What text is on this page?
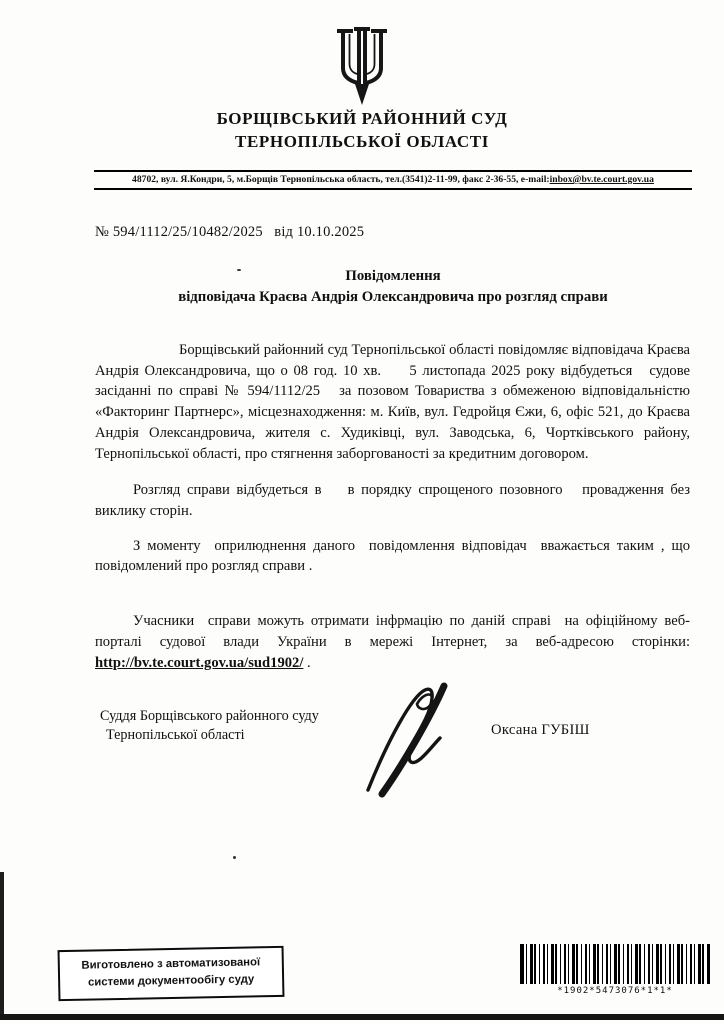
БОРЩІВСЬКИЙ РАЙОННИЙ СУД
ТЕРНОПІЛЬСЬКОЇ ОБЛАСТІ
48702, вул. Я.Кондри, 5, м.Борщів Тернопільська область, тел.(3541)2-11-99, факс 2-36-55, e-mail:inbox@bv.te.court.gov.ua
№ 594/1112/25/10482/2025   від 10.10.2025
Повідомлення
відповідача Краєва Андрія Олександровича про розгляд справи

Борщівський районний суд Тернопільської області повідомляє відповідача Краєва Андрія Олександровича, що о 08 год. 10 хв.     5 листопада 2025 року відбудеться   судове засіданні по справі № 594/1112/25   за позовом Товариства з обмеженою відповідальністю «Факторинг Партнерс», місцезнаходження: м. Київ, вул. Гедройця Єжи, 6, офіс 521, до Краєва Андрія Олександровича, жителя с. Худиківці, вул. Заводська, 6, Чортківського району, Тернопільської області, про стягнення заборгованості за кредитним договором.

Розгляд справи відбудеться в    в порядку спрощеного позовного   провадження без виклику сторін.

З моменту  оприлюднення даного  повідомлення відповідач  вважається таким , що повідомлений про розгляд справи .

Учасники  справи можуть отримати інфрмацію по даній справі  на офіційному веб-порталі судової влади України в мережі Інтернет, за веб-адресою сторінки: http://bv.te.court.gov.ua/sud1902/ .

Суддя Борщівського районного суду
Тернопільської області	Оксана ГУБІШ
Виготовлено з автоматизованої
системи документообігу суду
*1902*5473076*1*1*
